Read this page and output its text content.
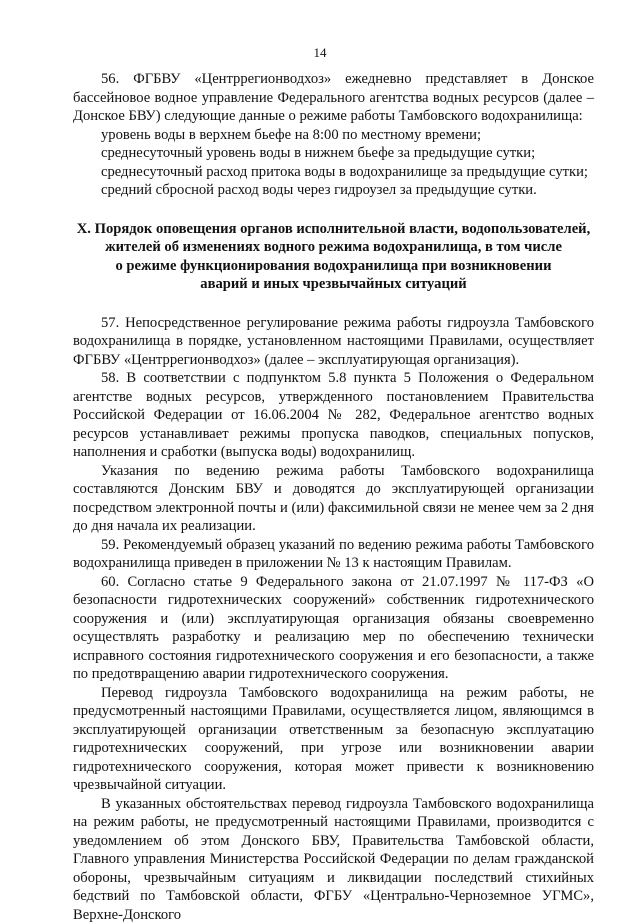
14

56. ФГБВУ «Центррегионводхоз» ежедневно представляет в Донское бассейновое водное управление Федерального агентства водных ресурсов (далее – Донское БВУ) следующие данные о режиме работы Тамбовского водохранилища:

уровень воды в верхнем бьефе на 8:00 по местному времени;

среднесуточный уровень воды в нижнем бьефе за предыдущие сутки;

среднесуточный расход притока воды в водохранилище за предыдущие сутки;

средний сбросной расход воды через гидроузел за предыдущие сутки.

X. Порядок оповещения органов исполнительной власти, водопользователей,
жителей об изменениях водного режима водохранилища, в том числе
о режиме функционирования водохранилища при возникновении
аварий и иных чрезвычайных ситуаций

57. Непосредственное регулирование режима работы гидроузла Тамбовского водохранилища в порядке, установленном настоящими Правилами, осуществляет ФГБВУ «Центррегионводхоз» (далее – эксплуатирующая организация).

58. В соответствии с подпунктом 5.8 пункта 5 Положения о Федеральном агентстве водных ресурсов, утвержденного постановлением Правительства Российской Федерации от 16.06.2004 № 282, Федеральное агентство водных ресурсов устанавливает режимы пропуска паводков, специальных попусков, наполнения и сработки (выпуска воды) водохранилищ.

Указания по ведению режима работы Тамбовского водохранилища составляются Донским БВУ и доводятся до эксплуатирующей организации посредством электронной почты и (или) факсимильной связи не менее чем за 2 дня до дня начала их реализации.

59. Рекомендуемый образец указаний по ведению режима работы Тамбовского водохранилища приведен в приложении № 13 к настоящим Правилам.

60. Согласно статье 9 Федерального закона от 21.07.1997 № 117-ФЗ «О безопасности гидротехнических сооружений» собственник гидротехнического сооружения и (или) эксплуатирующая организация обязаны своевременно осуществлять разработку и реализацию мер по обеспечению технически исправного состояния гидротехнического сооружения и его безопасности, а также по предотвращению аварии гидротехнического сооружения.

Перевод гидроузла Тамбовского водохранилища на режим работы, не предусмотренный настоящими Правилами, осуществляется лицом, являющимся в эксплуатирующей организации ответственным за безопасную эксплуатацию гидротехнических сооружений, при угрозе или возникновении аварии гидротехнического сооружения, которая может привести к возникновению чрезвычайной ситуации.

В указанных обстоятельствах перевод гидроузла Тамбовского водохранилища на режим работы, не предусмотренный настоящими Правилами, производится с уведомлением об этом Донского БВУ, Правительства Тамбовской области, Главного управления Министерства Российской Федерации по делам гражданской обороны, чрезвычайным ситуациям и ликвидации последствий стихийных бедствий по Тамбовской области, ФГБУ «Центрально-Черноземное УГМС», Верхне-Донского
